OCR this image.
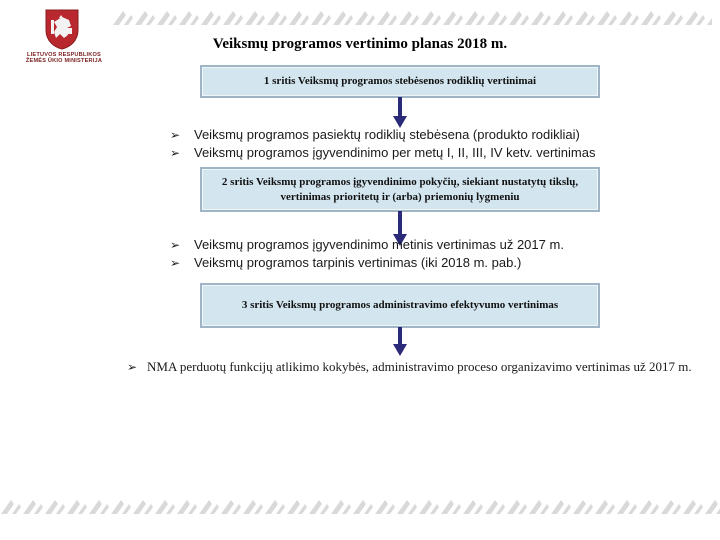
LIETUVOS RESPUBLIKOS
ŽEMĖS ŪKIO MINISTERIJA
Veiksmų programos vertinimo planas 2018 m.
1 sritis Veiksmų programos stebėsenos rodiklių vertinimai
➢ Veiksmų programos pasiektų rodiklių stebėsena (produkto rodikliai)
➢ Veiksmų programos įgyvendinimo per metų I, II, III, IV ketv. vertinimas
2 sritis Veiksmų programos įgyvendinimo pokyčių, siekiant nustatytų tikslų, vertinimas prioritetų ir (arba) priemonių lygmeniu
➢ Veiksmų programos įgyvendinimo metinis vertinimas už 2017 m.
➢ Veiksmų programos tarpinis vertinimas (iki 2018 m. pab.)
3 sritis Veiksmų programos administravimo efektyvumo vertinimas
➢ NMA perduotų funkcijų atlikimo kokybės, administravimo proceso organizavimo vertinimas už 2017 m.
